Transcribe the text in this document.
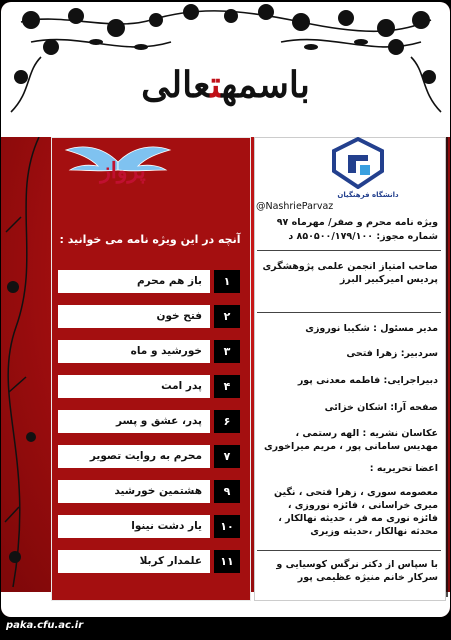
باسمهتعالی
پرواز
آنچه در این ویژه نامه می خوانید :
باز هم محرم	۱
فتح خون	۲
خورشید و ماه	۳
پدر امت	۴
پدر، عشق و پسر	۶
محرم به روایت تصویر	۷
هشتمین خورشید	۹
یار دشت نینوا	۱۰
علمدار کربلا	۱۱
دانشگاه فرهنگیان
@NashrieParvaz
ویژه نامه محرم و صفر/ مهرماه ۹۷
شماره مجوز: ۸۵۰۵۰۰/۱۷۹/۱۰۰ د
صاحب امتیاز انجمن علمی پژوهشگری پردیس امیرکبیر البرز
مدیر مسئول : شکیبا نوروزی
سردبیر: زهرا فتحی
دبیراجرایی: فاطمه معدنی پور
صفحه آرا: اشکان خزائی
عکاسان نشریه : الهه رستمی ، مهدیس سامانی پور ، مریم میراخوری
اعضا تحریریه :
معصومه سوری ، زهرا فتحی ، نگین میری خراسانی ، فائزه نوروزی ، فائزه نوری مه فر ، حدیثه نهالکار ، محدثه نهالکار ،حدیثه وزیری
با سپاس از دکتر نرگس کوسیایی و سرکار خانم منیژه عظیمی پور
paka.cfu.ac.ir
